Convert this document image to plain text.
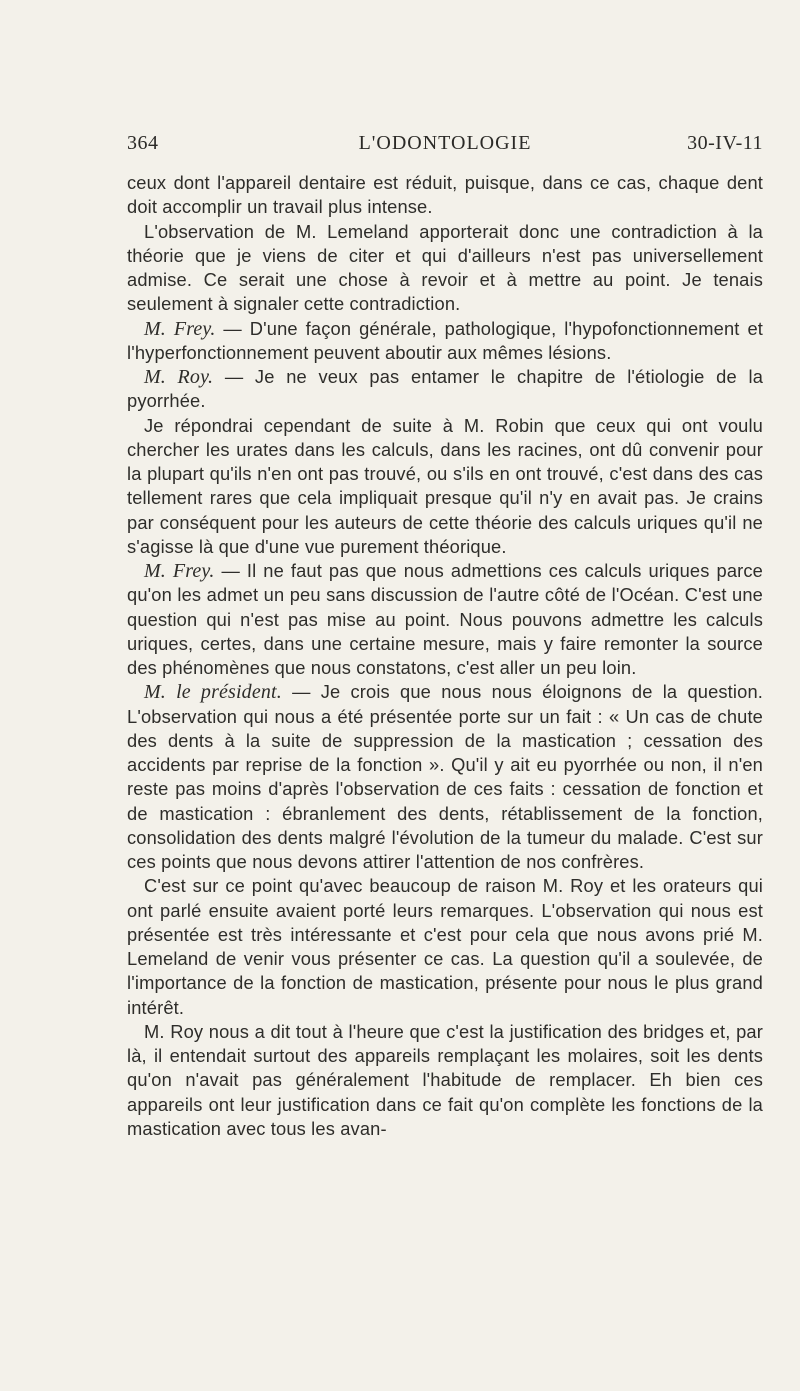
L'ODONTOLOGIE
364	30-IV-11

ceux dont l'appareil dentaire est réduit, puisque, dans ce cas, chaque dent doit accomplir un travail plus intense.

L'observation de M. Lemeland apporterait donc une contradiction à la théorie que je viens de citer et qui d'ailleurs n'est pas universellement admise. Ce serait une chose à revoir et à mettre au point. Je tenais seulement à signaler cette contradiction.

M. Frey. — D'une façon générale, pathologique, l'hypofonctionnement et l'hyperfonctionnement peuvent aboutir aux mêmes lésions.

M. Roy. — Je ne veux pas entamer le chapitre de l'étiologie de la pyorrhée.

Je répondrai cependant de suite à M. Robin que ceux qui ont voulu chercher les urates dans les calculs, dans les racines, ont dû convenir pour la plupart qu'ils n'en ont pas trouvé, ou s'ils en ont trouvé, c'est dans des cas tellement rares que cela impliquait presque qu'il n'y en avait pas. Je crains par conséquent pour les auteurs de cette théorie des calculs uriques qu'il ne s'agisse là que d'une vue purement théorique.

M. Frey. — Il ne faut pas que nous admettions ces calculs uriques parce qu'on les admet un peu sans discussion de l'autre côté de l'Océan. C'est une question qui n'est pas mise au point. Nous pouvons admettre les calculs uriques, certes, dans une certaine mesure, mais y faire remonter la source des phénomènes que nous constatons, c'est aller un peu loin.

M. le président. — Je crois que nous nous éloignons de la question. L'observation qui nous a été présentée porte sur un fait : « Un cas de chute des dents à la suite de suppression de la mastication ; cessation des accidents par reprise de la fonction ». Qu'il y ait eu pyorrhée ou non, il n'en reste pas moins d'après l'observation de ces faits : cessation de fonction et de mastication : ébranlement des dents, rétablissement de la fonction, consolidation des dents malgré l'évolution de la tumeur du malade. C'est sur ces points que nous devons attirer l'attention de nos confrères.

C'est sur ce point qu'avec beaucoup de raison M. Roy et les orateurs qui ont parlé ensuite avaient porté leurs remarques. L'observation qui nous est présentée est très intéressante et c'est pour cela que nous avons prié M. Lemeland de venir vous présenter ce cas. La question qu'il a soulevée, de l'importance de la fonction de mastication, présente pour nous le plus grand intérêt.

M. Roy nous a dit tout à l'heure que c'est la justification des bridges et, par là, il entendait surtout des appareils remplaçant les molaires, soit les dents qu'on n'avait pas généralement l'habitude de remplacer. Eh bien ces appareils ont leur justification dans ce fait qu'on complète les fonctions de la mastication avec tous les avan-
